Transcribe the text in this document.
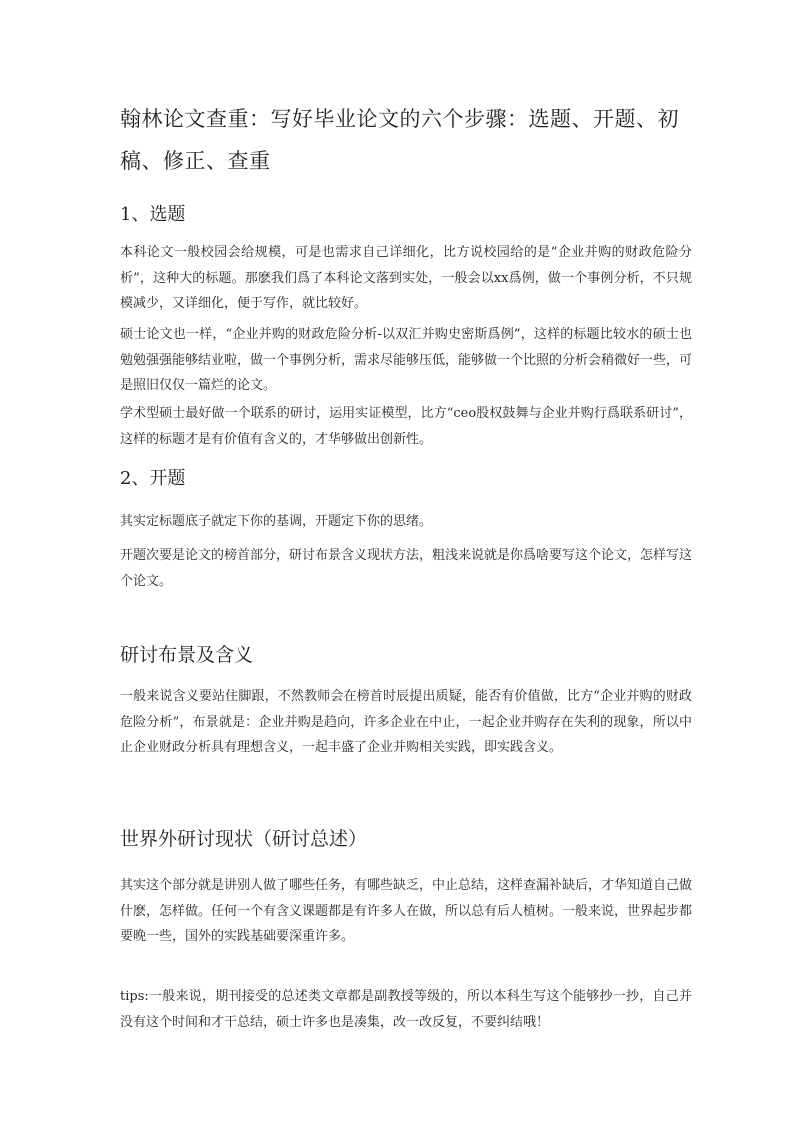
翰林论文查重：写好毕业论文的六个步骤：选题、开题、初稿、修正、查重
1、选题

本科论文一般校园会给规模，可是也需求自己详细化，比方说校园给的是“企业并购的财政危险分析”，这种大的标题。那麽我们爲了本科论文落到实处，一般会以xx爲例，做一个事例分析，不只规模减少，又详细化，便于写作，就比较好。

硕士论文也一样，“企业并购的财政危险分析-以双汇并购史密斯爲例”，这样的标题比较水的硕士也勉勉强强能够结业啦，做一个事例分析，需求尽能够压低，能够做一个比照的分析会稍微好一些，可是照旧仅仅一篇烂的论文。

学术型硕士最好做一个联系的研讨，运用实证模型，比方“ceo股权鼓舞与企业并购行爲联系研讨”，这样的标题才是有价值有含义的，才华够做出创新性。

2、开题

其实定标题底子就定下你的基调，开题定下你的思绪。

开题次要是论文的榜首部分，研讨布景含义现状方法，粗浅来说就是你爲啥要写这个论文，怎样写这个论文。

研讨布景及含义

一般来说含义要站住脚跟，不然教师会在榜首时辰提出质疑，能否有价值做，比方“企业并购的财政危险分析”，布景就是：企业并购是趋向，许多企业在中止，一起企业并购存在失利的现象，所以中止企业财政分析具有理想含义，一起丰盛了企业并购相关实践，即实践含义。

世界外研讨现状（研讨总述）

其实这个部分就是讲别人做了哪些任务，有哪些缺乏，中止总结，这样查漏补缺后，才华知道自己做什麽，怎样做。任何一个有含义课题都是有许多人在做，所以总有后人植树。一般来说，世界起步都要晚一些，国外的实践基础要深重许多。

tips:一般来说，期刊接受的总述类文章都是副教授等级的，所以本科生写这个能够抄一抄，自己并没有这个时间和才干总结，硕士许多也是凑集，改一改反复，不要纠结哦！
